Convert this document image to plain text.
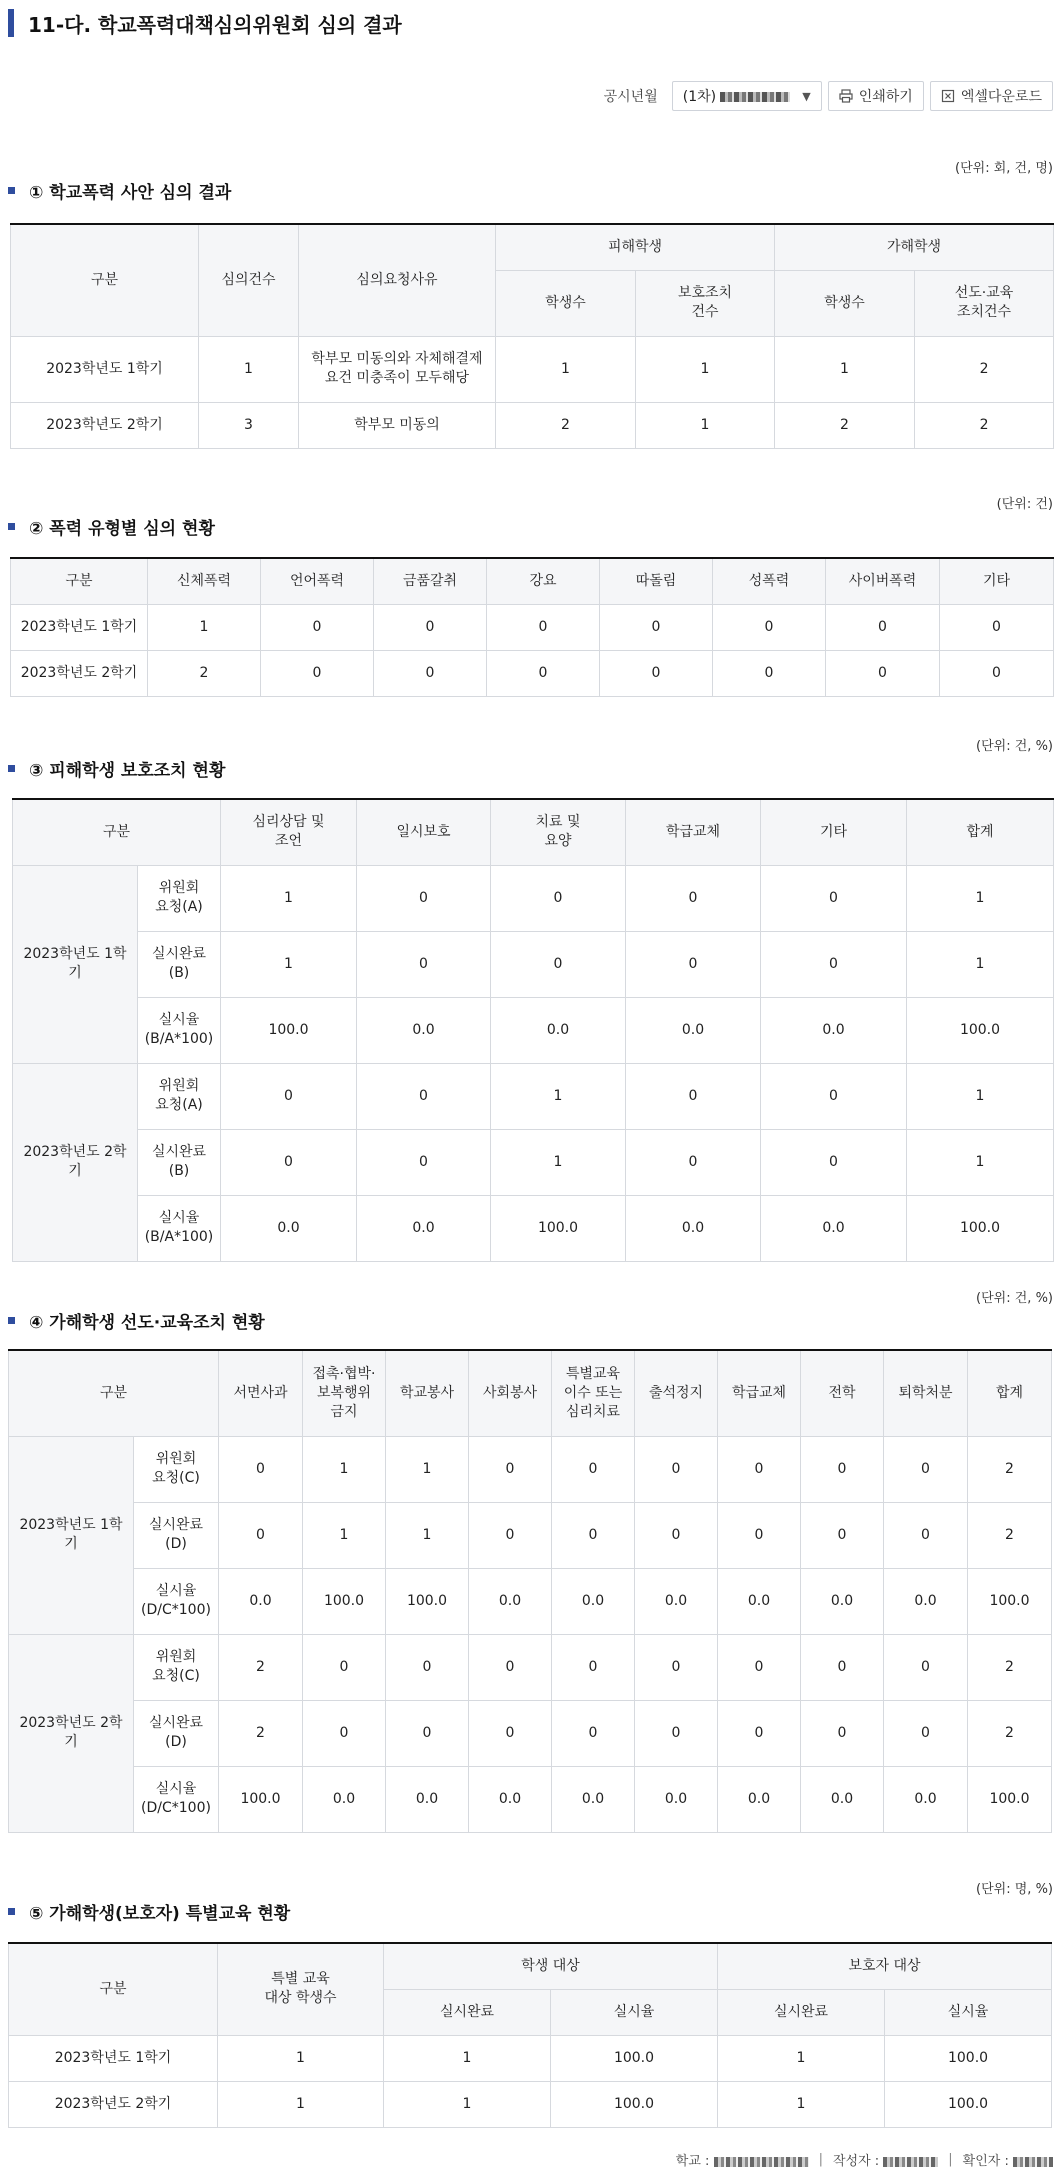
11-다. 학교폭력대책심의위원회 심의 결과
공시년월 (1차)	▼	인쇄하기	엑셀다운로드
(단위: 회, 건, 명)
① 학교폭력 사안 심의 결과
구분	심의건수	심의요청사유	피해학생		가해학생	
			학생수	보호조치
건수	학생수	선도·교육
조치건수
2023학년도 1학기	1	학부모 미동의와 자체해결제 요건 미충족이 모두해당	1	1	1	2
2023학년도 2학기	3	학부모 미동의	2	1	2	2
(단위: 건)
② 폭력 유형별 심의 현황
구분	신체폭력	언어폭력	금품갈취	강요	따돌림	성폭력	사이버폭력	기타
2023학년도 1학기	1	0	0	0	0	0	0	0
2023학년도 2학기	2	0	0	0	0	0	0	0
(단위: 건, %)
③ 피해학생 보호조치 현황
구분		심리상담 및
조언	일시보호	치료 및
요양	학급교체	기타	합계
2023학년도 1학기	위원회
요청(A)	1	0	0	0	0	1
	실시완료
(B)	1	0	0	0	0	1
	실시율
(B/A*100)	100.0	0.0	0.0	0.0	0.0	100.0
2023학년도 2학기	위원회
요청(A)	0	0	1	0	0	1
	실시완료
(B)	0	0	1	0	0	1
	실시율
(B/A*100)	0.0	0.0	100.0	0.0	0.0	100.0
(단위: 건, %)
④ 가해학생 선도·교육조치 현황
구분		서면사과	접촉·협박·
보복행위
금지	학교봉사	사회봉사	특별교육
이수 또는
심리치료	출석정지	학급교체	전학	퇴학처분	합계
2023학년도 1학기	위원회
요청(C)	0	1	1	0	0	0	0	0	0	2
	실시완료
(D)	0	1	1	0	0	0	0	0	0	2
	실시율
(D/C*100)	0.0	100.0	100.0	0.0	0.0	0.0	0.0	0.0	0.0	100.0
2023학년도 2학기	위원회
요청(C)	2	0	0	0	0	0	0	0	0	2
	실시완료
(D)	2	0	0	0	0	0	0	0	0	2
	실시율
(D/C*100)	100.0	0.0	0.0	0.0	0.0	0.0	0.0	0.0	0.0	100.0
(단위: 명, %)
⑤ 가해학생(보호자) 특별교육 현황
구분	특별 교육
대상 학생수	학생 대상		보호자 대상	
		실시완료	실시율	실시완료	실시율
2023학년도 1학기	1	1	100.0	1	100.0
2023학년도 2학기	1	1	100.0	1	100.0
학교 :	| 작성자 :	| 확인자 :
